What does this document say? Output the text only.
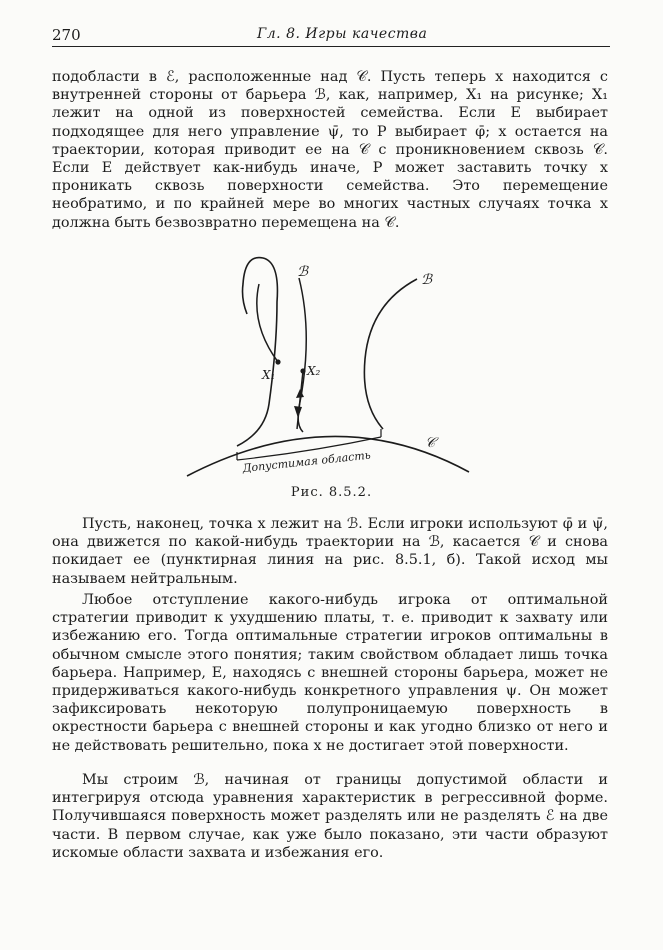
270	Гл. 8. Игры качества

подобласти в ℰ, расположенные над 𝒞. Пусть теперь x находится с внутренней стороны от барьера ℬ, как, например, X₁ на рисунке; X₁ лежит на одной из поверхностей семейства. Если E выбирает подходящее для него управление ψ̄, то P выбирает φ̄; x остается на траектории, которая приводит ее на 𝒞 с проникновением сквозь 𝒞. Если E действует как-нибудь иначе, P может заставить точку x проникать сквозь поверхности семейства. Это перемещение необратимо, и по крайней мере во многих частных случаях точка x должна быть безвозвратно перемещена на 𝒞.

ℬ	ℬ
𝒞
X₁	X₂
Допустимая область
Рис. 8.5.2.

Пусть, наконец, точка x лежит на ℬ. Если игроки используют φ̄ и ψ̄, она движется по какой-нибудь траектории на ℬ, касается 𝒞 и снова покидает ее (пунктирная линия на рис. 8.5.1, б). Такой исход мы называем нейтральным.

Любое отступление какого-нибудь игрока от оптимальной стратегии приводит к ухудшению платы, т. е. приводит к захвату или избежанию его. Тогда оптимальные стратегии игроков оптимальны в обычном смысле этого понятия; таким свойством обладает лишь точка барьера. Например, E, находясь с внешней стороны барьера, может не придерживаться какого-нибудь конкретного управления ψ. Он может зафиксировать некоторую полупроницаемую поверхность в окрестности барьера с внешней стороны и как угодно близко от него и не действовать решительно, пока x не достигает этой поверхности.

Мы строим ℬ, начиная от границы допустимой области и интегрируя отсюда уравнения характеристик в регрессивной форме. Получившаяся поверхность может разделять или не разделять ℰ на две части. В первом случае, как уже было показано, эти части образуют искомые области захвата и избежания его.
